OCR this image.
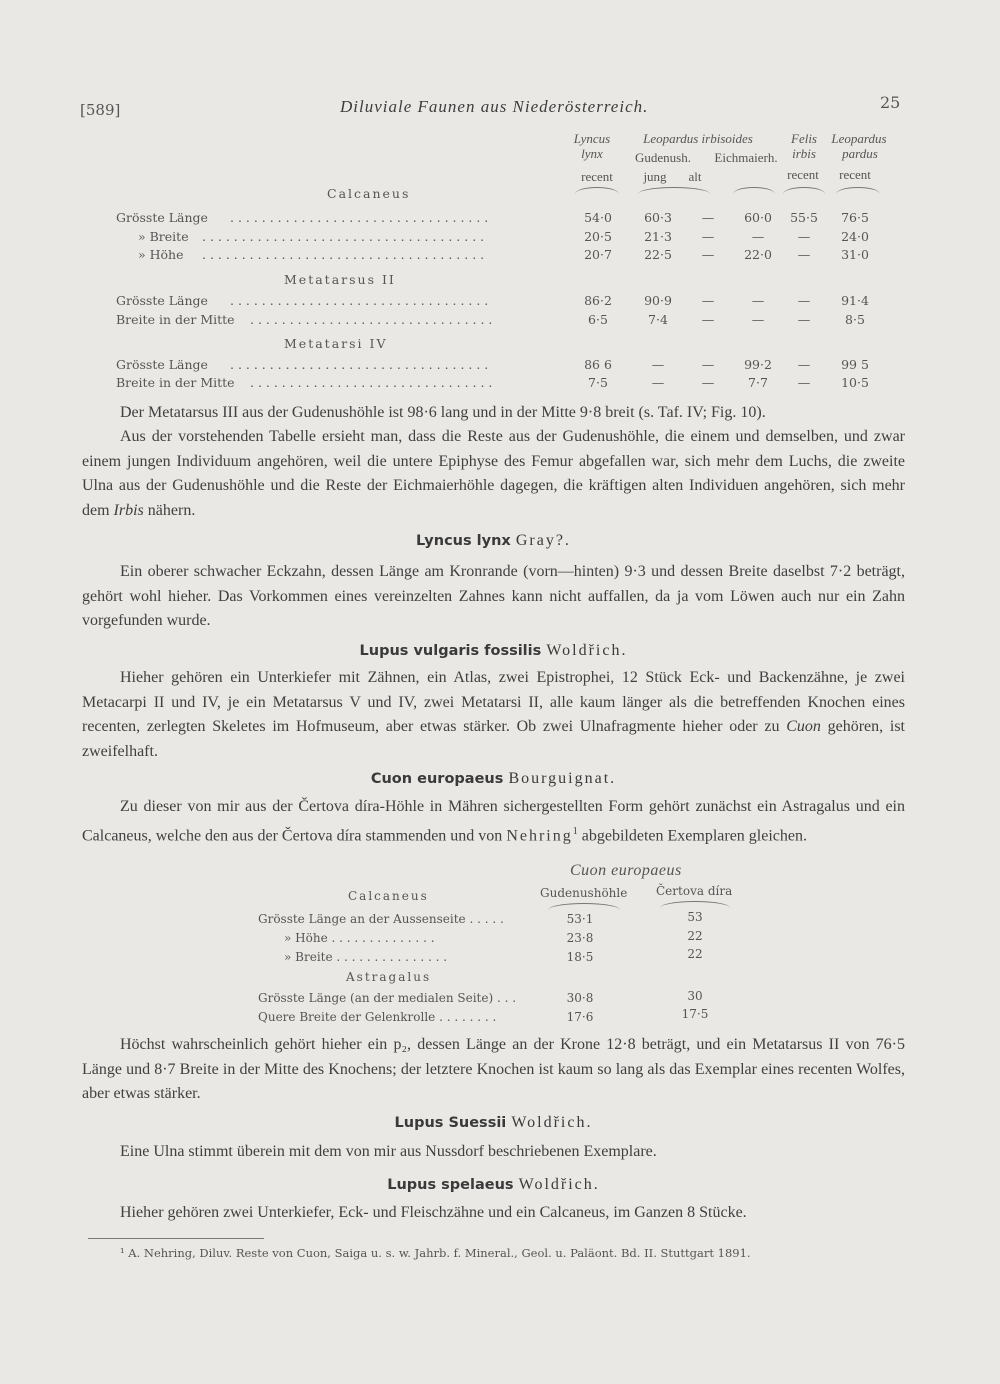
[589]	Diluviale Faunen aus Niederösterreich.	25
Lyncus
lynx
Leopardus irbisoides
Gudenush.	Eichmaierh.
Felis
irbis
Leopardus
pardus
recent	jung	alt	recent	recent
Calcaneus
Grösste Länge . . . . . . . . . . . . . . . . . . . . . . . . . . . . . . . . .	54·0	60·3	—	60·0	55·5	76·5
» Breite . . . . . . . . . . . . . . . . . . . . . . . . . . . . . . . . . . . .	20·5	21·3	—	—	—	24·0
» Höhe . . . . . . . . . . . . . . . . . . . . . . . . . . . . . . . . . . . .	20·7	22·5	—	22·0	—	31·0
Metatarsus II
Grösste Länge . . . . . . . . . . . . . . . . . . . . . . . . . . . . . . . . .	86·2	90·9	—	—	—	91·4
Breite in der Mitte . . . . . . . . . . . . . . . . . . . . . . . . . . . . . . .	6·5	7·4	—	—	—	8·5
Metatarsi IV
Grösste Länge . . . . . . . . . . . . . . . . . . . . . . . . . . . . . . . . .	86 6	—	—	99·2	—	99 5
Breite in der Mitte . . . . . . . . . . . . . . . . . . . . . . . . . . . . . . .	7·5	—	—	7·7	—	10·5
Der Metatarsus III aus der Gudenushöhle ist 98·6 lang und in der Mitte 9·8 breit (s. Taf. IV; Fig. 10).
Aus der vorstehenden Tabelle ersieht man, dass die Reste aus der Gudenushöhle, die einem und demselben, und zwar einem jungen Individuum angehören, weil die untere Epiphyse des Femur abgefallen war, sich mehr dem Luchs, die zweite Ulna aus der Gudenushöhle und die Reste der Eichmaierhöhle dagegen, die kräftigen alten Individuen angehören, sich mehr dem Irbis nähern.
Lyncus lynx Gray?.
Ein oberer schwacher Eckzahn, dessen Länge am Kronrande (vorn—hinten) 9·3 und dessen Breite daselbst 7·2 beträgt, gehört wohl hieher. Das Vorkommen eines vereinzelten Zahnes kann nicht auffallen, da ja vom Löwen auch nur ein Zahn vorgefunden wurde.
Lupus vulgaris fossilis Woldřich.
Hieher gehören ein Unterkiefer mit Zähnen, ein Atlas, zwei Epistrophei, 12 Stück Eck- und Backenzähne, je zwei Metacarpi II und IV, je ein Metatarsus V und IV, zwei Metatarsi II, alle kaum länger als die betreffenden Knochen eines recenten, zerlegten Skeletes im Hofmuseum, aber etwas stärker. Ob zwei Ulnafragmente hieher oder zu Cuon gehören, ist zweifelhaft.
Cuon europaeus Bourguignat.
Zu dieser von mir aus der Čertova díra-Höhle in Mähren sichergestellten Form gehört zunächst ein Astragalus und ein Calcaneus, welche den aus der Čertova díra stammenden und von Nehring$^1$ abgebildeten Exemplaren gleichen.
Cuon europaeus
Gudenushöhle Čertova díra
Calcaneus
Grösste Länge an der Aussenseite . . . . .	53·1	53
» Höhe . . . . . . . . . . . . . .	23·8	22
» Breite . . . . . . . . . . . . . . .	18·5	22
Astragalus
Grösste Länge (an der medialen Seite) . . .	30·8	30
Quere Breite der Gelenkrolle . . . . . . . .	17·6	17·5
Höchst wahrscheinlich gehört hieher ein p₂, dessen Länge an der Krone 12·8 beträgt, und ein Metatarsus II von 76·5 Länge und 8·7 Breite in der Mitte des Knochens; der letztere Knochen ist kaum so lang als das Exemplar eines recenten Wolfes, aber etwas stärker.
Lupus Suessii Woldřich.
Eine Ulna stimmt überein mit dem von mir aus Nussdorf beschriebenen Exemplare.
Lupus spelaeus Woldřich.
Hieher gehören zwei Unterkiefer, Eck- und Fleischzähne und ein Calcaneus, im Ganzen 8 Stücke.
¹ A. Nehring, Diluv. Reste von Cuon, Saiga u. s. w. Jahrb. f. Mineral., Geol. u. Paläont. Bd. II. Stuttgart 1891.
